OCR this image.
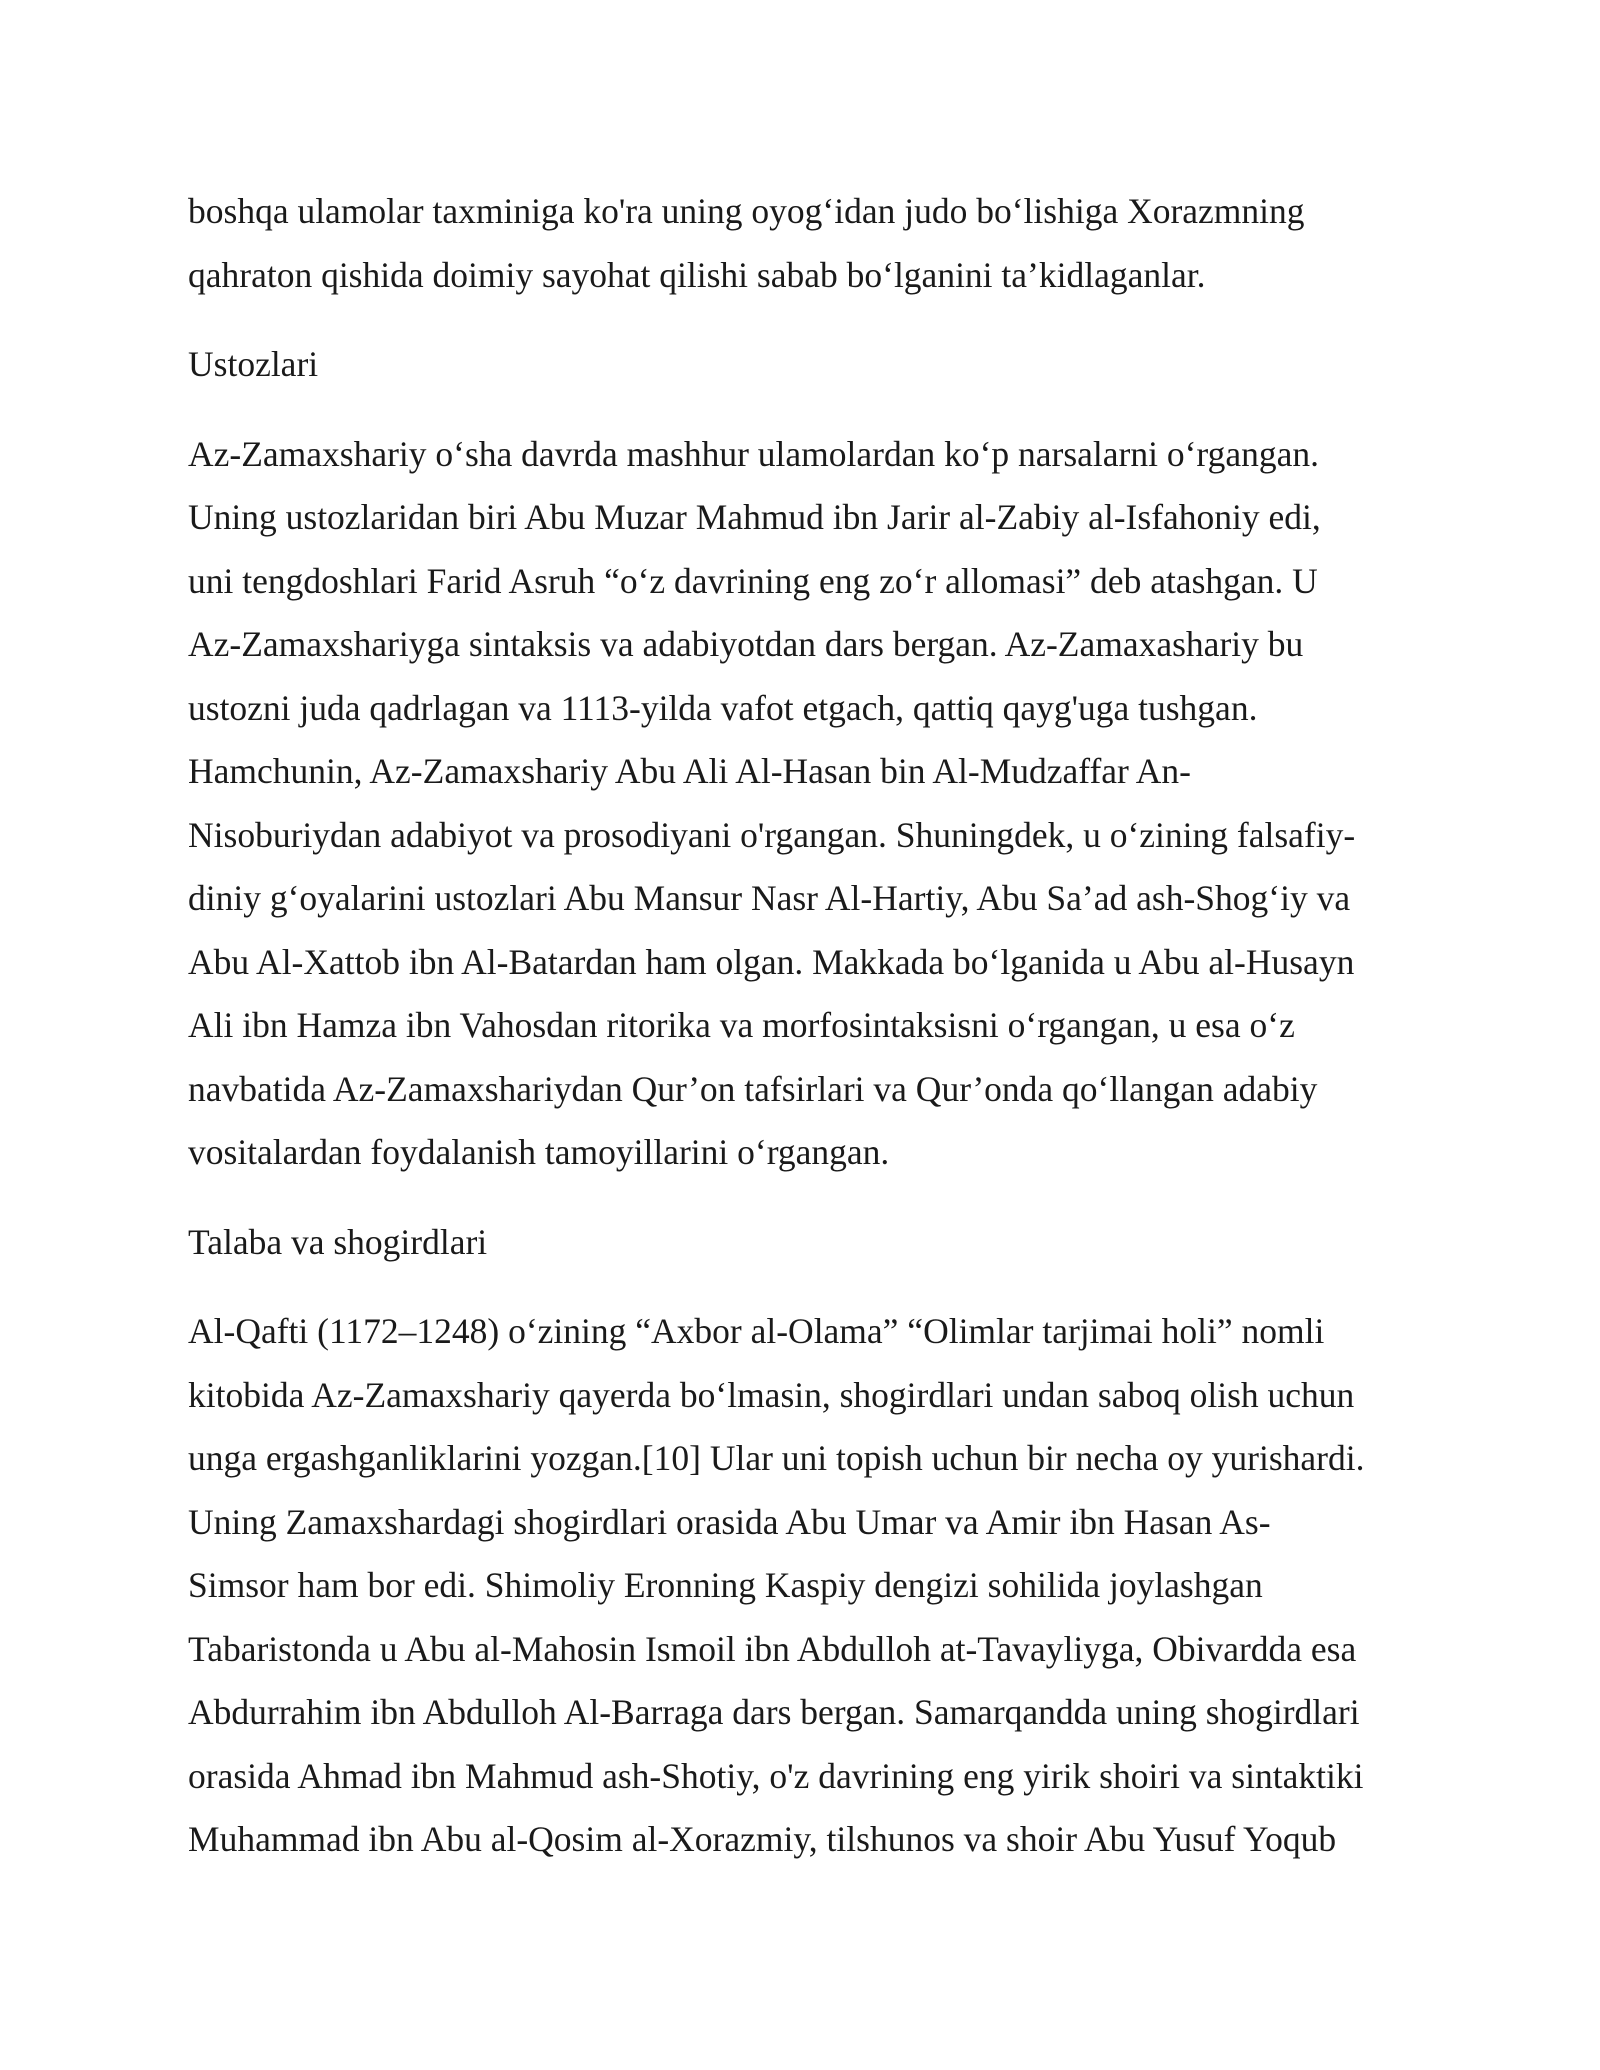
boshqa ulamolar taxminiga ko'ra uning oyog‘idan judo bo‘lishiga Xorazmning
qahraton qishida doimiy sayohat qilishi sabab bo‘lganini ta’kidlaganlar.
Ustozlari
Az-Zamaxshariy o‘sha davrda mashhur ulamolardan ko‘p narsalarni o‘rgangan.
Uning ustozlaridan biri Abu Muzar Mahmud ibn Jarir al-Zabiy al-Isfahoniy edi,
uni tengdoshlari Farid Asruh “o‘z davrining eng zo‘r allomasi” deb atashgan. U
Az-Zamaxshariyga sintaksis va adabiyotdan dars bergan. Az-Zamaxashariy bu
ustozni juda qadrlagan va 1113-yilda vafot etgach, qattiq qayg'uga tushgan.
Hamchunin, Az-Zamaxshariy Abu Ali Al-Hasan bin Al-Mudzaffar An-
Nisoburiydan adabiyot va prosodiyani o'rgangan. Shuningdek, u o‘zining falsafiy-
diniy g‘oyalarini ustozlari Abu Mansur Nasr Al-Hartiy, Abu Sa’ad ash-Shog‘iy va
Abu Al-Xattob ibn Al-Batardan ham olgan. Makkada bo‘lganida u Abu al-Husayn
Ali ibn Hamza ibn Vahosdan ritorika va morfosintaksisni o‘rgangan, u esa o‘z
navbatida Az-Zamaxshariydan Qur’on tafsirlari va Qur’onda qo‘llangan adabiy
vositalardan foydalanish tamoyillarini o‘rgangan.
Talaba va shogirdlari
Al-Qafti (1172–1248) o‘zining “Axbor al-Olama” “Olimlar tarjimai holi” nomli
kitobida Az-Zamaxshariy qayerda bo‘lmasin, shogirdlari undan saboq olish uchun
unga ergashganliklarini yozgan.[10] Ular uni topish uchun bir necha oy yurishardi.
Uning Zamaxshardagi shogirdlari orasida Abu Umar va Amir ibn Hasan As-
Simsor ham bor edi. Shimoliy Eronning Kaspiy dengizi sohilida joylashgan
Tabaristonda u Abu al-Mahosin Ismoil ibn Abdulloh at-Tavayliyga, Obivardda esa
Abdurrahim ibn Abdulloh Al-Barraga dars bergan. Samarqandda uning shogirdlari
orasida Ahmad ibn Mahmud ash-Shotiy, o'z davrining eng yirik shoiri va sintaktiki
Muhammad ibn Abu al-Qosim al-Xorazmiy, tilshunos va shoir Abu Yusuf Yoqub
